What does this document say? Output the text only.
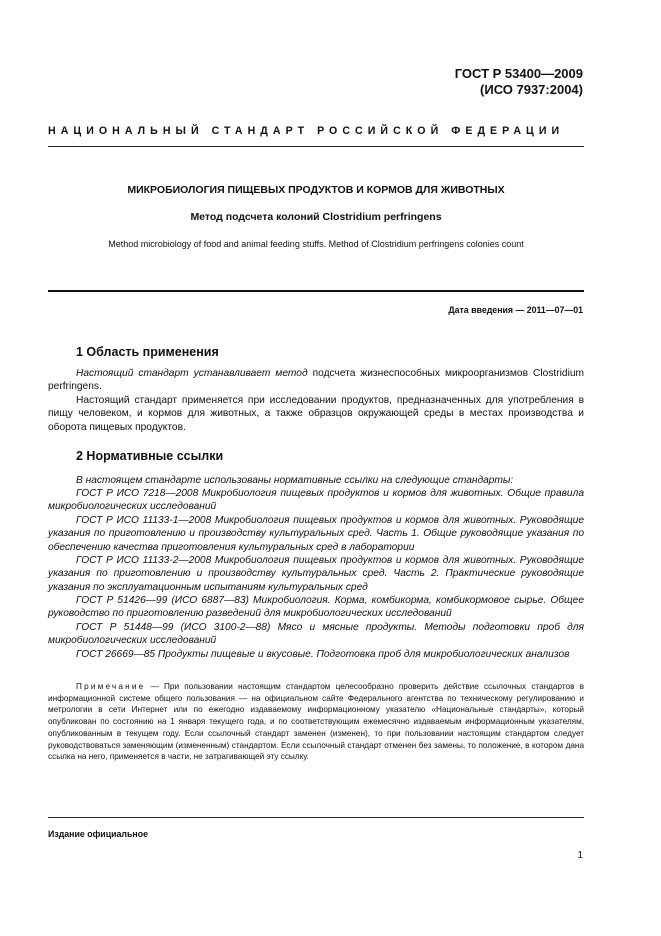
ГОСТ Р 53400—2009
(ИСО 7937:2004)
НАЦИОНАЛЬНЫЙ СТАНДАРТ РОССИЙСКОЙ ФЕДЕРАЦИИ
МИКРОБИОЛОГИЯ ПИЩЕВЫХ ПРОДУКТОВ И КОРМОВ ДЛЯ ЖИВОТНЫХ
Метод подсчета колоний Clostridium perfringens
Method microbiology of food and animal feeding stuffs. Method of Clostridium perfringens colonies count
Дата введения — 2011—07—01
1 Область применения

Настоящий стандарт устанавливает метод подсчета жизнеспособных микроорганизмов Clostridium perfringens.

Настоящий стандарт применяется при исследовании продуктов, предназначенных для употребления в пищу человеком, и кормов для животных, а также образцов окружающей среды в местах производства и оборота пищевых продуктов.

2 Нормативные ссылки

В настоящем стандарте использованы нормативные ссылки на следующие стандарты:

ГОСТ Р ИСО 7218—2008 Микробиология пищевых продуктов и кормов для животных. Общие правила микробиологических исследований

ГОСТ Р ИСО 11133-1—2008 Микробиология пищевых продуктов и кормов для животных. Руководящие указания по приготовлению и производству культуральных сред. Часть 1. Общие руководящие указания по обеспечению качества приготовления культуральных сред в лаборатории

ГОСТ Р ИСО 11133-2—2008 Микробиология пищевых продуктов и кормов для животных. Руководящие указания по приготовлению и производству культуральных сред. Часть 2. Практические руководящие указания по эксплуатационным испытаниям культуральных сред

ГОСТ Р 51426—99 (ИСО 6887—83) Микробиология. Корма, комбикорма, комбикормовое сырье. Общее руководство по приготовлению разведений для микробиологических исследований

ГОСТ Р 51448—99 (ИСО 3100-2—88) Мясо и мясные продукты. Методы подготовки проб для микробиологических исследований

ГОСТ 26669—85 Продукты пищевые и вкусовые. Подготовка проб для микробиологических анализов

Примечание — При пользовании настоящим стандартом целесообразно проверить действие ссылочных стандартов в информационной системе общего пользования — на официальном сайте Федерального агентства по техническому регулированию и метрологии в сети Интернет или по ежегодно издаваемому информационному указателю «Национальные стандарты», который опубликован по состоянию на 1 января текущего года, и по соответствующим ежемесячно издаваемым информационным указателям, опубликованным в текущем году. Если ссылочный стандарт заменен (изменен), то при пользовании настоящим стандартом следует руководствоваться заменяющим (измененным) стандартом. Если ссылочный стандарт отменен без замены, то положение, в котором дана ссылка на него, применяется в части, не затрагивающей эту ссылку.

Издание официальное
1
